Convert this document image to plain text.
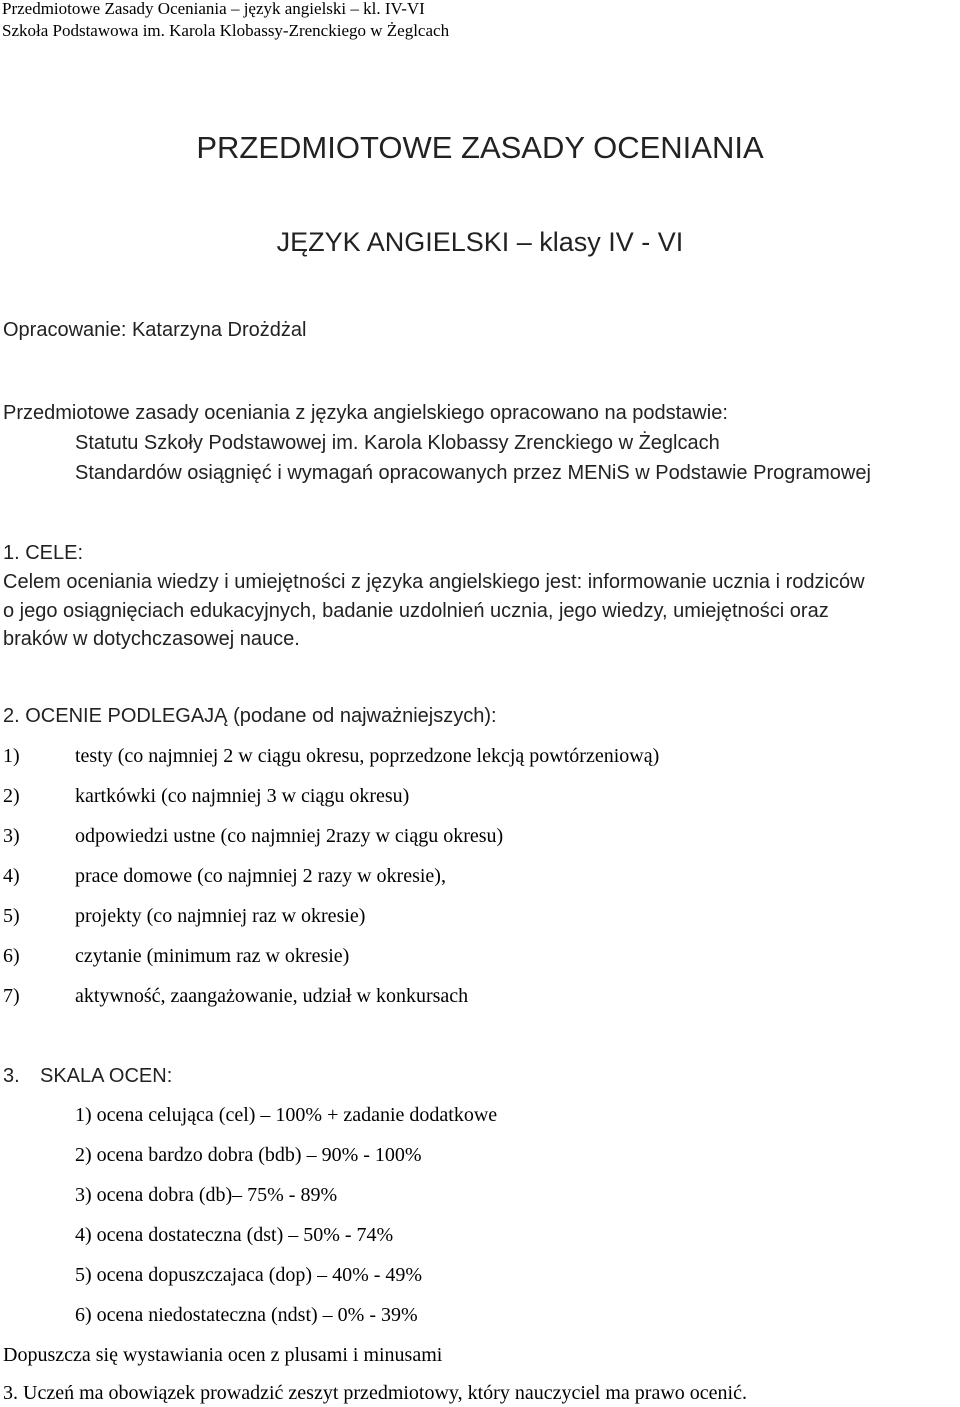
Przedmiotowe Zasady Oceniania – język angielski – kl. IV-VI
Szkoła Podstawowa im. Karola Klobassy-Zrenckiego w Żeglcach
PRZEDMIOTOWE ZASADY OCENIANIA
JĘZYK ANGIELSKI – klasy IV - VI
Opracowanie: Katarzyna Drożdżal
Przedmiotowe zasady oceniania z języka angielskiego opracowano na podstawie:
Statutu Szkoły Podstawowej im. Karola Klobassy Zrenckiego w Żeglcach
Standardów osiągnięć i wymagań opracowanych przez MENiS w Podstawie Programowej
1. CELE:
Celem oceniania wiedzy i umiejętności z języka angielskiego jest: informowanie ucznia i rodziców
o jego osiągnięciach edukacyjnych, badanie uzdolnień ucznia, jego wiedzy, umiejętności oraz
braków w dotychczasowej nauce.
2. OCENIE PODLEGAJĄ (podane od najważniejszych):
1)	testy (co najmniej 2 w ciągu okresu, poprzedzone lekcją powtórzeniową)
2)	kartkówki (co najmniej 3 w ciągu okresu)
3)	odpowiedzi ustne (co najmniej 2razy w ciągu okresu)
4)	prace domowe (co najmniej 2 razy w okresie),
5)	projekty (co najmniej raz w okresie)
6)	czytanie (minimum raz w okresie)
7)	aktywność, zaangażowanie, udział w konkursach
3. SKALA OCEN:
1) ocena celująca (cel) – 100% + zadanie dodatkowe
2) ocena bardzo dobra (bdb) – 90% - 100%
3) ocena dobra (db)– 75% - 89%
4) ocena dostateczna (dst) – 50% - 74%
5) ocena dopuszczajaca (dop) – 40% - 49%
6) ocena niedostateczna (ndst) – 0% - 39%
Dopuszcza się wystawiania ocen z plusami i minusami
3. Uczeń ma obowiązek prowadzić zeszyt przedmiotowy, który nauczyciel ma prawo ocenić.
